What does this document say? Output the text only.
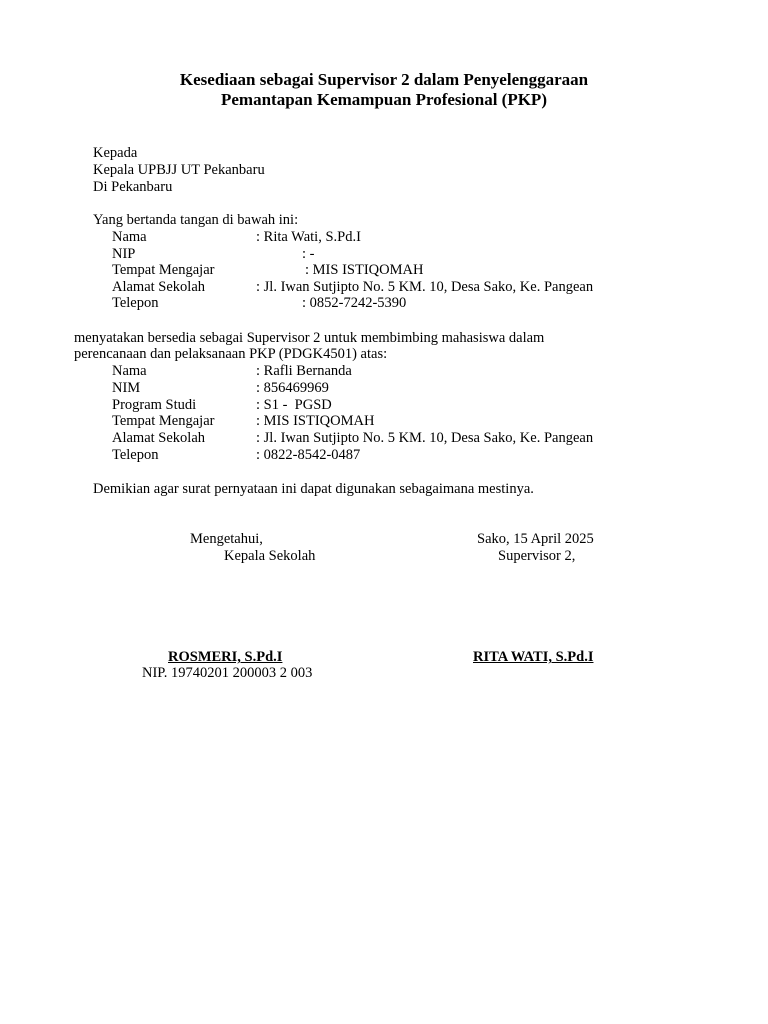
Kesediaan sebagai Supervisor 2 dalam Penyelenggaraan
Pemantapan Kemampuan Profesional (PKP)
Kepada
Kepala UPBJJ UT Pekanbaru
Di Pekanbaru
Yang bertanda tangan di bawah ini:
Nama	: Rita Wati, S.Pd.I
NIP	: -
Tempat Mengajar	: MIS ISTIQOMAH
Alamat Sekolah	: Jl. Iwan Sutjipto No. 5 KM. 10, Desa Sako, Ke. Pangean
Telepon	: 0852-7242-5390
menyatakan bersedia sebagai Supervisor 2 untuk membimbing mahasiswa dalam
perencanaan dan pelaksanaan PKP (PDGK4501) atas:
Nama	: Rafli Bernanda
NIM	: 856469969
Program Studi	: S1 -  PGSD
Tempat Mengajar	: MIS ISTIQOMAH
Alamat Sekolah	: Jl. Iwan Sutjipto No. 5 KM. 10, Desa Sako, Ke. Pangean
Telepon	: 0822-8542-0487
Demikian agar surat pernyataan ini dapat digunakan sebagaimana mestinya.
Mengetahui,
Kepala Sekolah
ROSMERI, S.Pd.I
NIP. 19740201 200003 2 003
Sako, 15 April 2025
Supervisor 2,
RITA WATI, S.Pd.I
